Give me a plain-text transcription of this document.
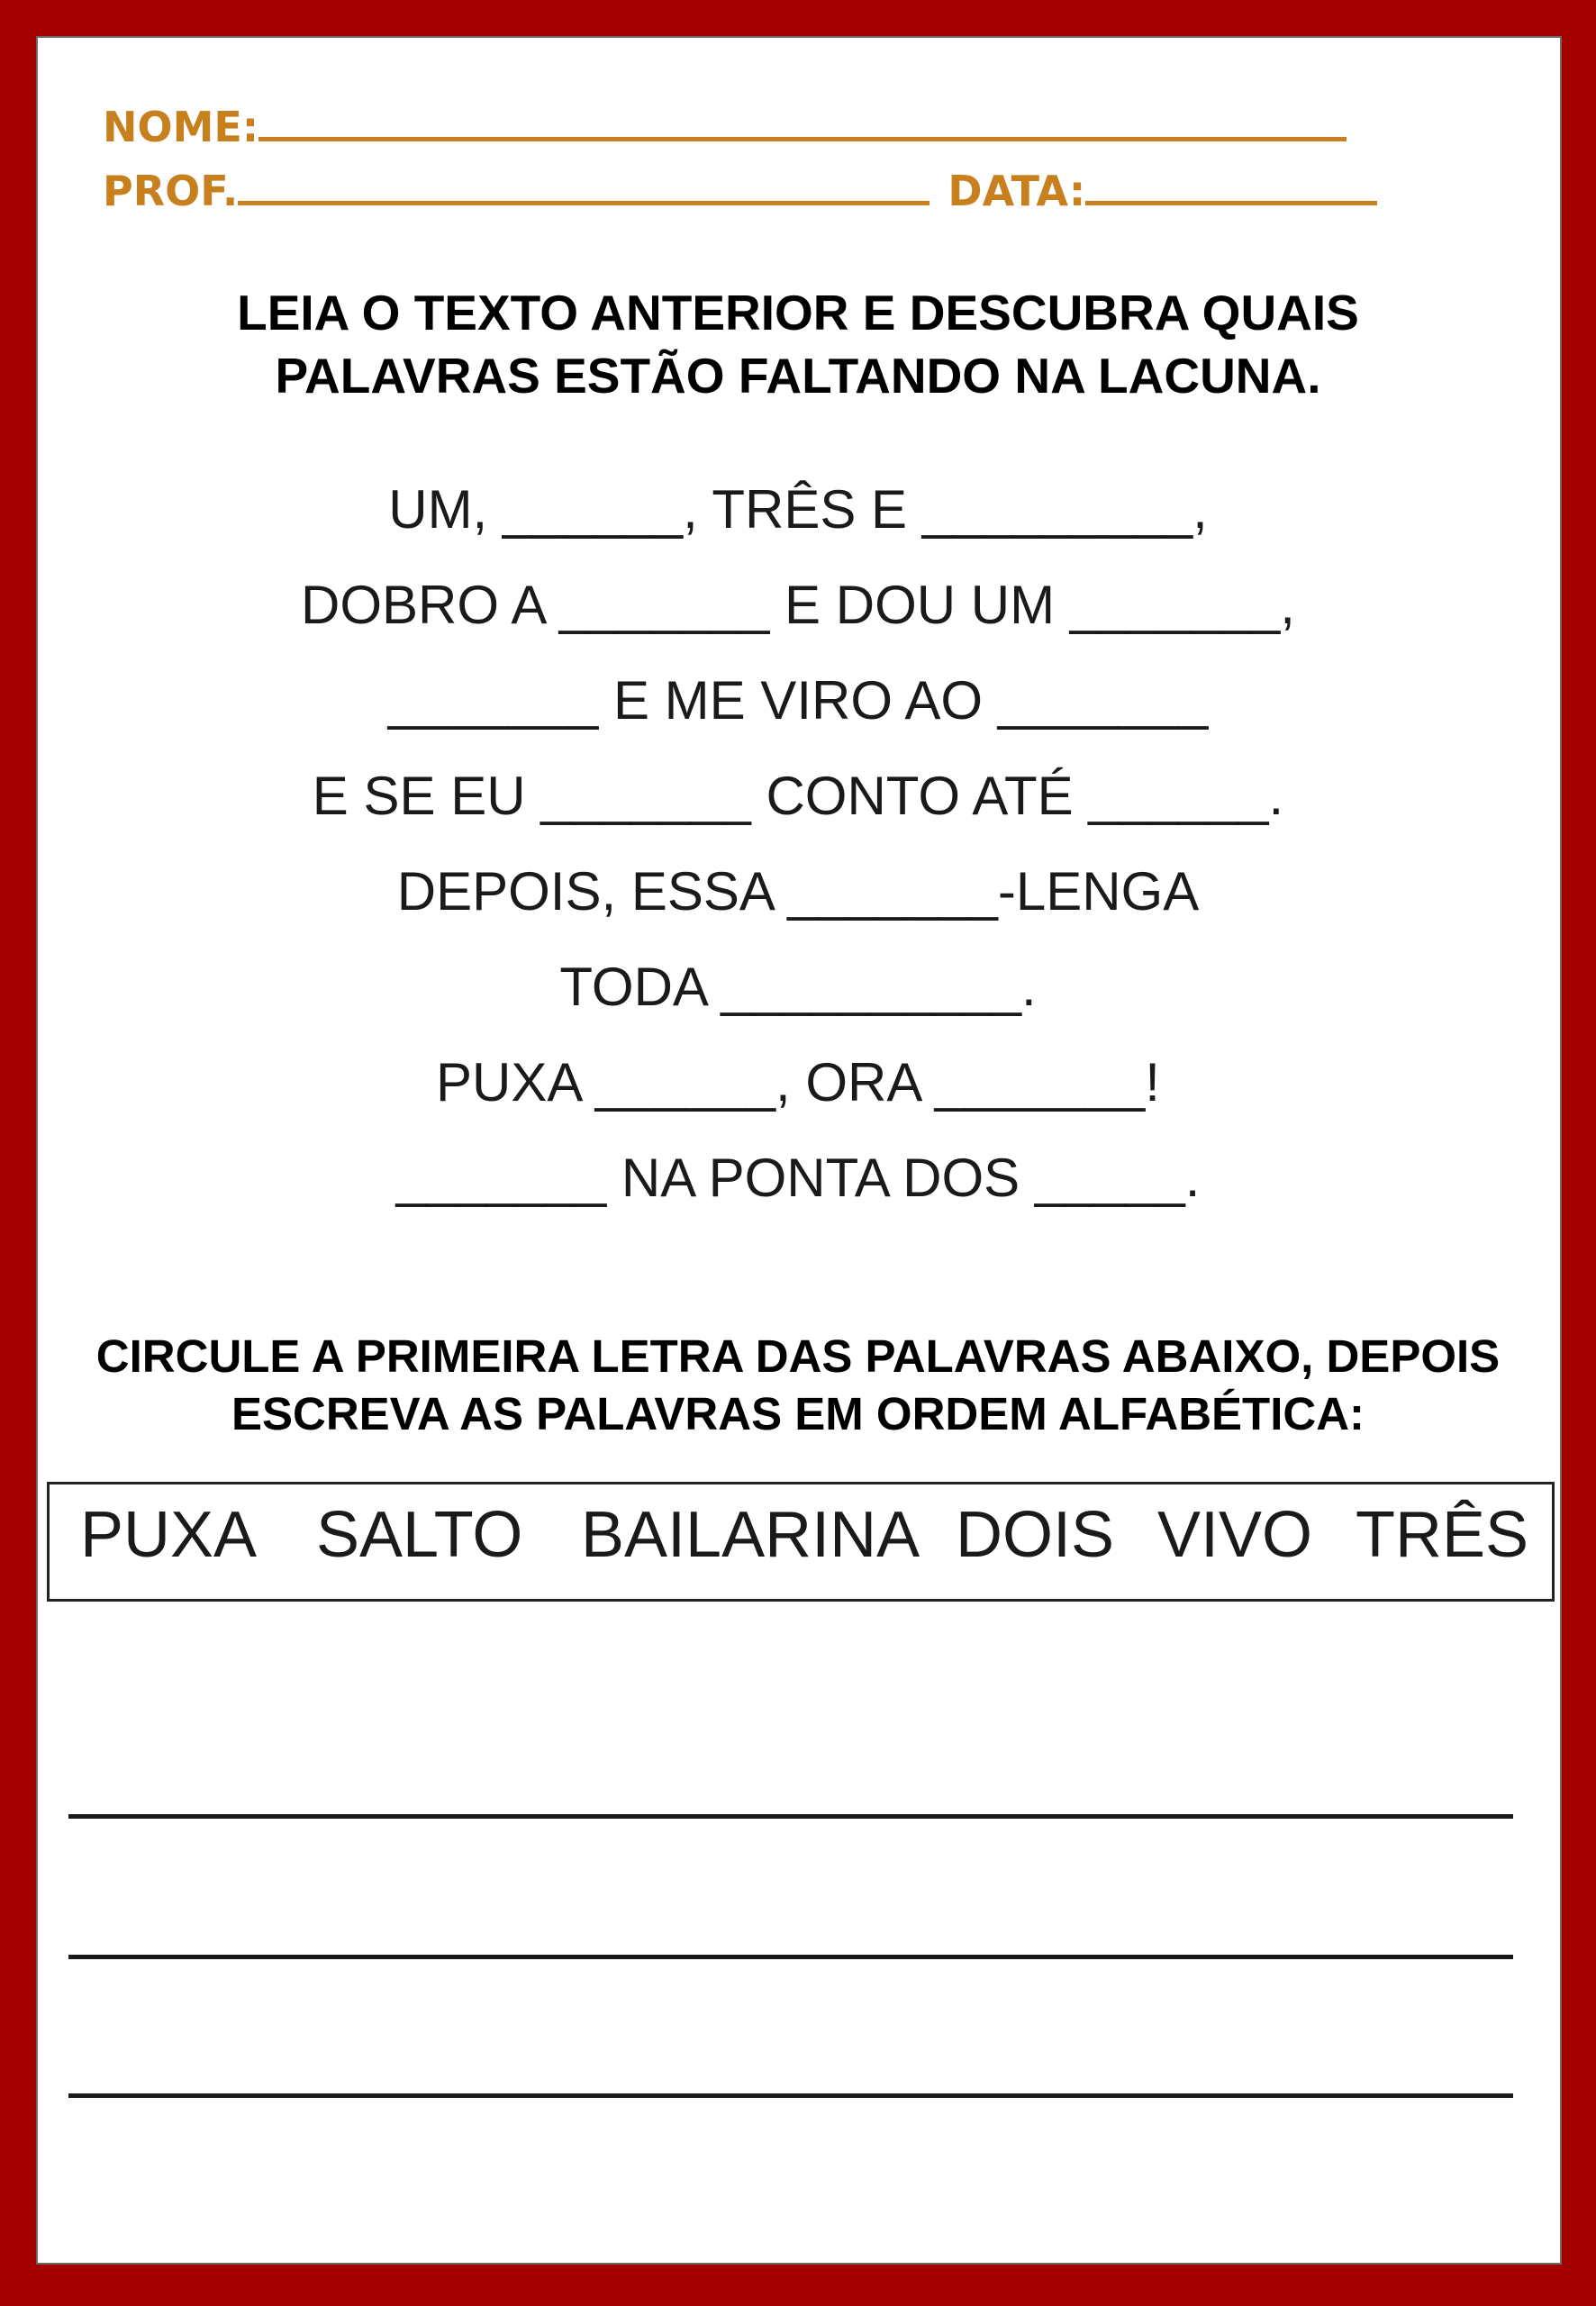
NOME:
PROF.	DATA:
LEIA O TEXTO ANTERIOR E DESCUBRA QUAIS
PALAVRAS ESTÃO FALTANDO NA LACUNA.
UM, ______, TRÊS E _________,
DOBRO A _______ E DOU UM _______,
_______ E ME VIRO AO _______
E SE EU _______ CONTO ATÉ ______.
DEPOIS, ESSA _______-LENGA
TODA __________.
PUXA ______, ORA _______!
_______ NA PONTA DOS _____.
CIRCULE A PRIMEIRA LETRA DAS PALAVRAS ABAIXO, DEPOIS
ESCREVA AS PALAVRAS EM ORDEM ALFABÉTICA:
PUXA SALTO BAILARINA DOIS VIVO TRÊS
